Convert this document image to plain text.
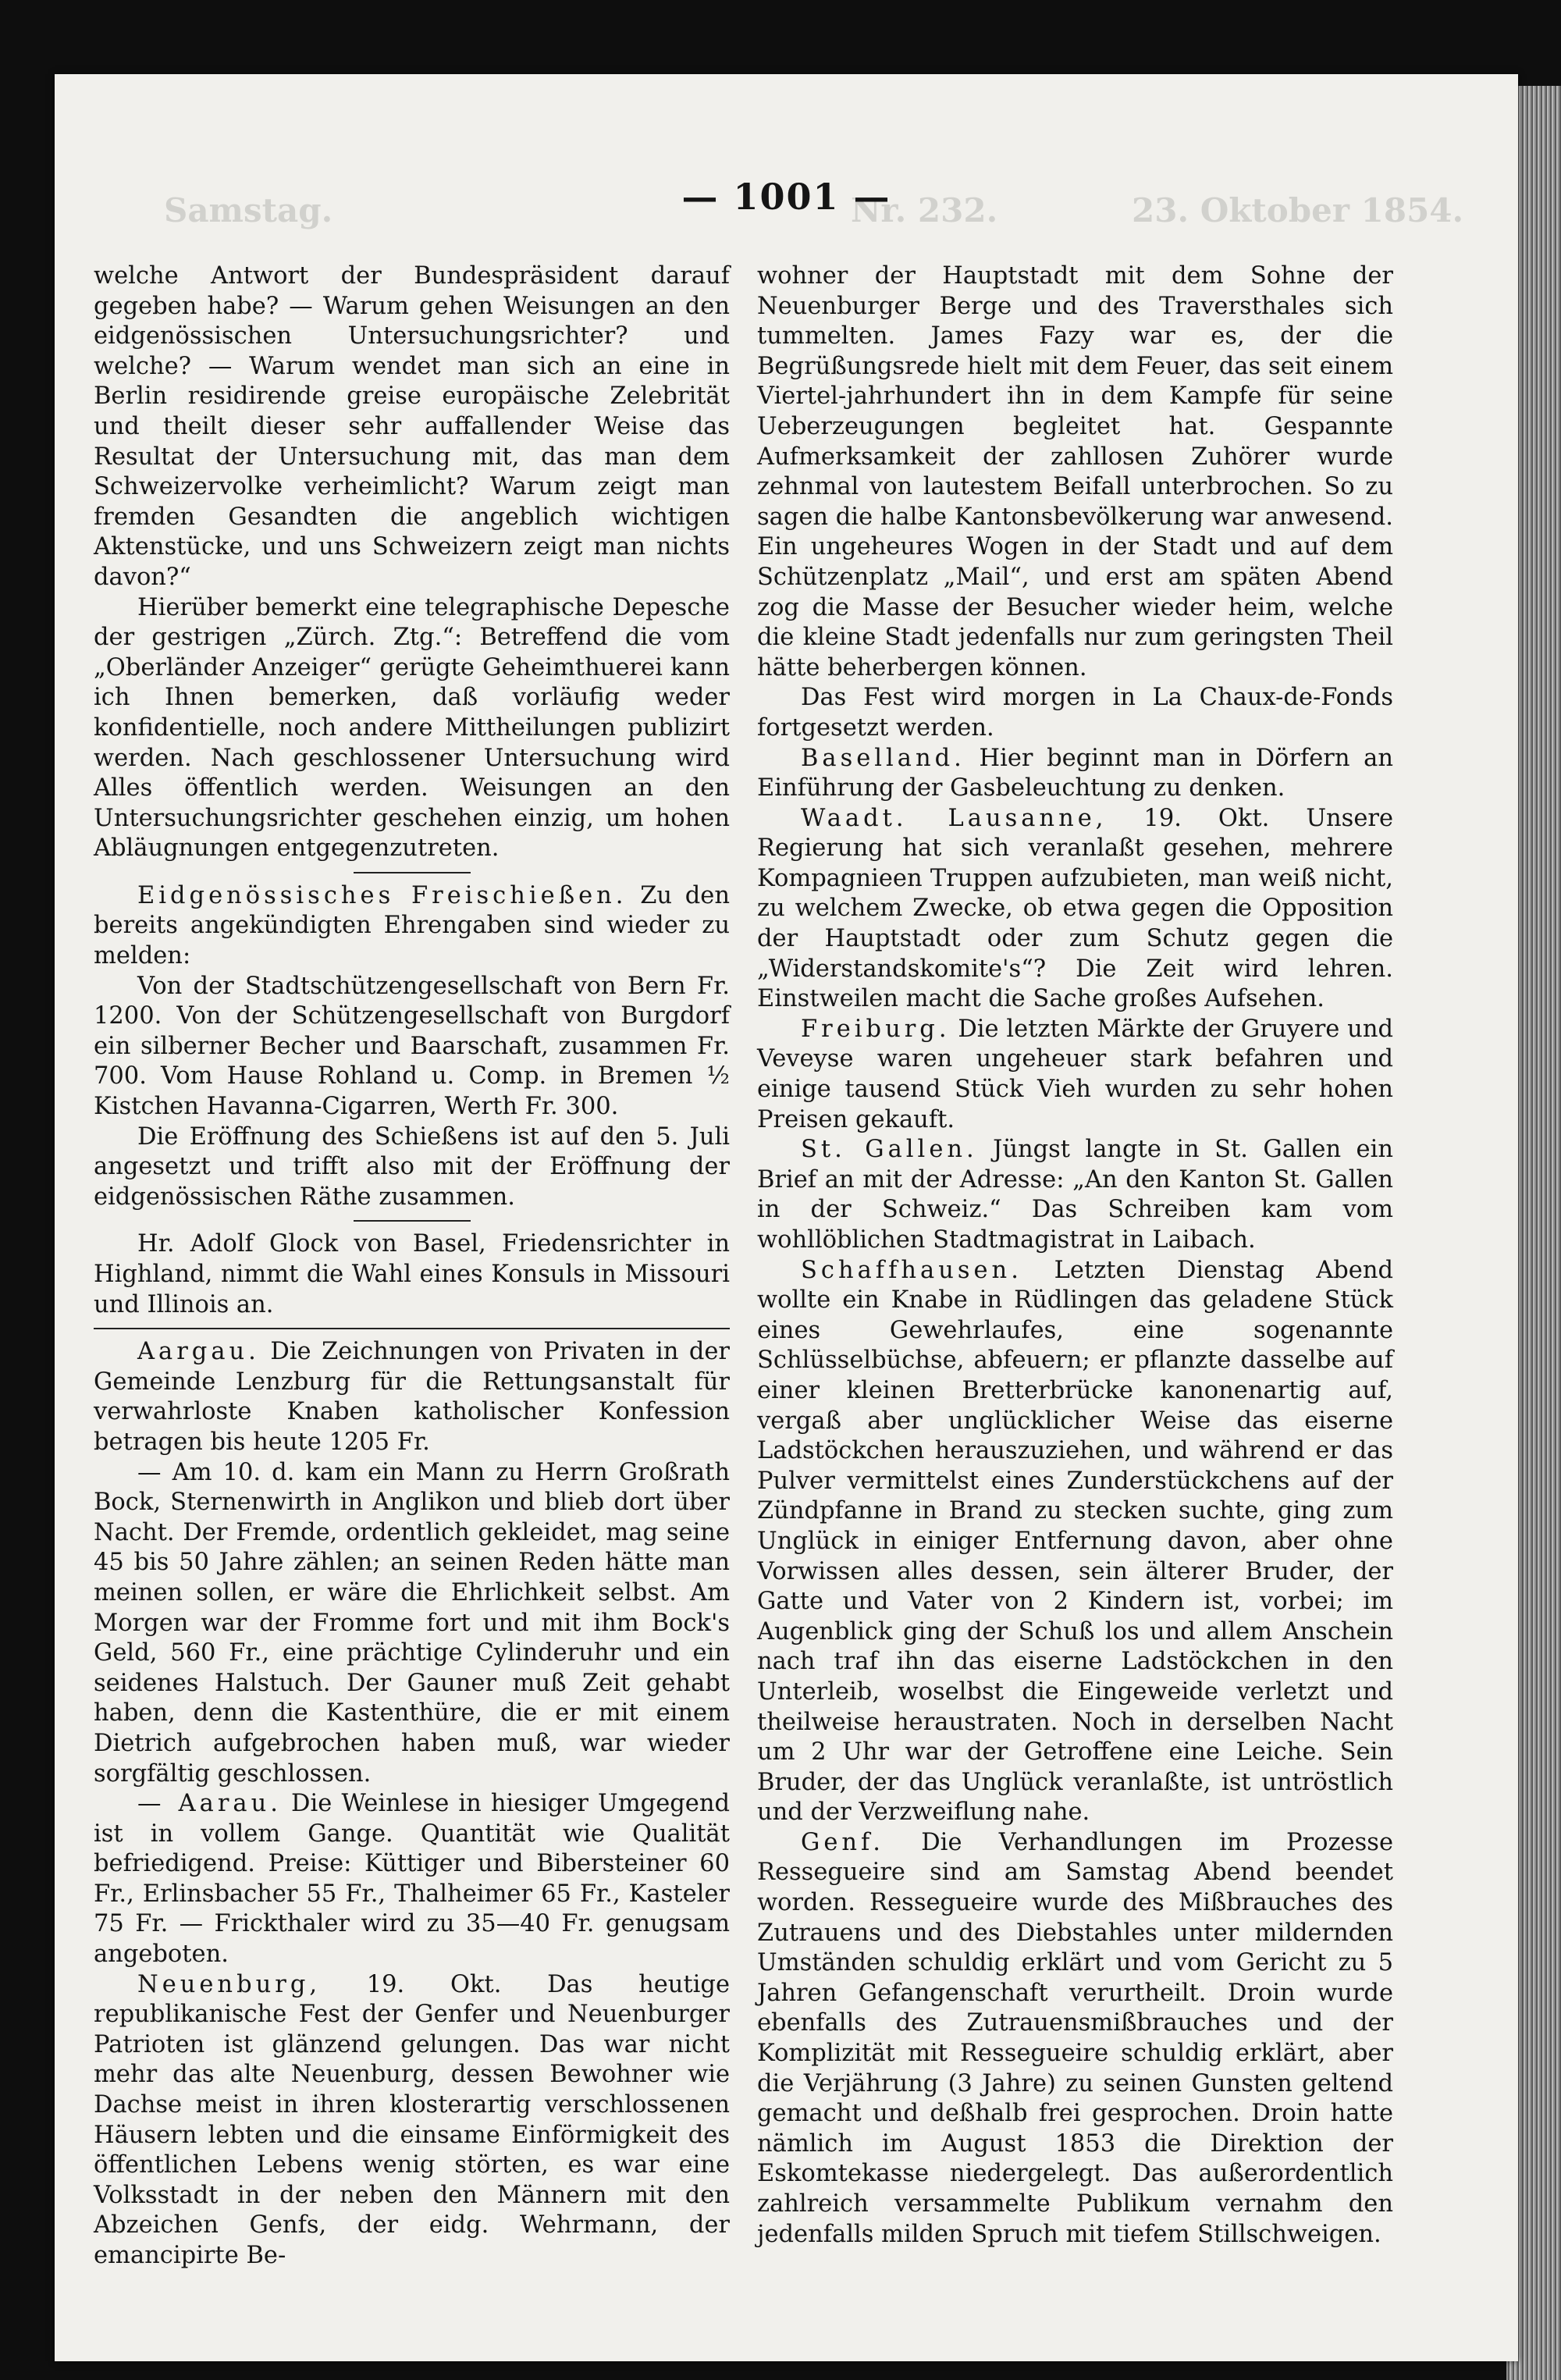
Samstag.	Nr. 232.	23. Oktober 1854.
— 1001 —

welche Antwort der Bundespräsident darauf gegeben habe? — Warum gehen Weisungen an den eidgenössischen Untersuchungsrichter? und welche? — Warum wendet man sich an eine in Berlin residirende greise europäische Zelebrität und theilt dieser sehr auffallender Weise das Resultat der Untersuchung mit, das man dem Schweizervolke verheimlicht? Warum zeigt man fremden Gesandten die angeblich wichtigen Aktenstücke, und uns Schweizern zeigt man nichts davon?“

Hierüber bemerkt eine telegraphische Depesche der gestrigen „Zürch. Ztg.“: Betreffend die vom „Oberländer Anzeiger“ gerügte Geheimthuerei kann ich Ihnen bemerken, daß vorläufig weder konfidentielle, noch andere Mittheilungen publizirt werden. Nach geschlossener Untersuchung wird Alles öffentlich werden. Weisungen an den Untersuchungsrichter geschehen einzig, um hohen Abläugnungen entgegenzutreten.

Eidgenössisches Freischießen. Zu den bereits angekündigten Ehrengaben sind wieder zu melden:

Von der Stadtschützengesellschaft von Bern Fr. 1200. Von der Schützengesellschaft von Burgdorf ein silberner Becher und Baarschaft, zusammen Fr. 700. Vom Hause Rohland u. Comp. in Bremen ½ Kistchen Havanna-Cigarren, Werth Fr. 300.

Die Eröffnung des Schießens ist auf den 5. Juli angesetzt und trifft also mit der Eröffnung der eidgenössischen Räthe zusammen.

Hr. Adolf Glock von Basel, Friedensrichter in Highland, nimmt die Wahl eines Konsuls in Missouri und Illinois an.

Aargau. Die Zeichnungen von Privaten in der Gemeinde Lenzburg für die Rettungsanstalt für verwahrloste Knaben katholischer Konfession betragen bis heute 1205 Fr.

— Am 10. d. kam ein Mann zu Herrn Großrath Bock, Sternenwirth in Anglikon und blieb dort über Nacht. Der Fremde, ordentlich gekleidet, mag seine 45 bis 50 Jahre zählen; an seinen Reden hätte man meinen sollen, er wäre die Ehrlichkeit selbst. Am Morgen war der Fromme fort und mit ihm Bock's Geld, 560 Fr., eine prächtige Cylinderuhr und ein seidenes Halstuch. Der Gauner muß Zeit gehabt haben, denn die Kastenthüre, die er mit einem Dietrich aufgebrochen haben muß, war wieder sorgfältig geschlossen.

— Aarau. Die Weinlese in hiesiger Umgegend ist in vollem Gange. Quantität wie Qualität befriedigend. Preise: Küttiger und Bibersteiner 60 Fr., Erlinsbacher 55 Fr., Thalheimer 65 Fr., Kasteler 75 Fr. — Frickthaler wird zu 35—40 Fr. genugsam angeboten.

Neuenburg, 19. Okt. Das heutige republikanische Fest der Genfer und Neuenburger Patrioten ist glänzend gelungen. Das war nicht mehr das alte Neuenburg, dessen Bewohner wie Dachse meist in ihren klosterartig verschlossenen Häusern lebten und die einsame Einförmigkeit des öffentlichen Lebens wenig störten, es war eine Volksstadt in der neben den Männern mit den Abzeichen Genfs, der eidg. Wehrmann, der emancipirte Be-

wohner der Hauptstadt mit dem Sohne der Neuenburger Berge und des Traversthales sich tummelten. James Fazy war es, der die Begrüßungsrede hielt mit dem Feuer, das seit einem Viertel-jahrhundert ihn in dem Kampfe für seine Ueberzeugungen begleitet hat. Gespannte Aufmerksamkeit der zahllosen Zuhörer wurde zehnmal von lautestem Beifall unterbrochen. So zu sagen die halbe Kantonsbevölkerung war anwesend. Ein ungeheures Wogen in der Stadt und auf dem Schützenplatz „Mail“, und erst am späten Abend zog die Masse der Besucher wieder heim, welche die kleine Stadt jedenfalls nur zum geringsten Theil hätte beherbergen können.

Das Fest wird morgen in La Chaux-de-Fonds fortgesetzt werden.

Baselland. Hier beginnt man in Dörfern an Einführung der Gasbeleuchtung zu denken.

Waadt. Lausanne, 19. Okt. Unsere Regierung hat sich veranlaßt gesehen, mehrere Kompagnieen Truppen aufzubieten, man weiß nicht, zu welchem Zwecke, ob etwa gegen die Opposition der Hauptstadt oder zum Schutz gegen die „Widerstandskomite's“? Die Zeit wird lehren. Einstweilen macht die Sache großes Aufsehen.

Freiburg. Die letzten Märkte der Gruyere und Veveyse waren ungeheuer stark befahren und einige tausend Stück Vieh wurden zu sehr hohen Preisen gekauft.

St. Gallen. Jüngst langte in St. Gallen ein Brief an mit der Adresse: „An den Kanton St. Gallen in der Schweiz.“ Das Schreiben kam vom wohllöblichen Stadtmagistrat in Laibach.

Schaffhausen. Letzten Dienstag Abend wollte ein Knabe in Rüdlingen das geladene Stück eines Gewehrlaufes, eine sogenannte Schlüsselbüchse, abfeuern; er pflanzte dasselbe auf einer kleinen Bretterbrücke kanonenartig auf, vergaß aber unglücklicher Weise das eiserne Ladstöckchen herauszuziehen, und während er das Pulver vermittelst eines Zunderstückchens auf der Zündpfanne in Brand zu stecken suchte, ging zum Unglück in einiger Entfernung davon, aber ohne Vorwissen alles dessen, sein älterer Bruder, der Gatte und Vater von 2 Kindern ist, vorbei; im Augenblick ging der Schuß los und allem Anschein nach traf ihn das eiserne Ladstöckchen in den Unterleib, woselbst die Eingeweide verletzt und theilweise heraustraten. Noch in derselben Nacht um 2 Uhr war der Getroffene eine Leiche. Sein Bruder, der das Unglück veranlaßte, ist untröstlich und der Verzweiflung nahe.

Genf. Die Verhandlungen im Prozesse Ressegueire sind am Samstag Abend beendet worden. Ressegueire wurde des Mißbrauches des Zutrauens und des Diebstahles unter mildernden Umständen schuldig erklärt und vom Gericht zu 5 Jahren Gefangenschaft verurtheilt. Droin wurde ebenfalls des Zutrauensmißbrauches und der Komplizität mit Ressegueire schuldig erklärt, aber die Verjährung (3 Jahre) zu seinen Gunsten geltend gemacht und deßhalb frei gesprochen. Droin hatte nämlich im August 1853 die Direktion der Eskomtekasse niedergelegt. Das außerordentlich zahlreich versammelte Publikum vernahm den jedenfalls milden Spruch mit tiefem Stillschweigen.
